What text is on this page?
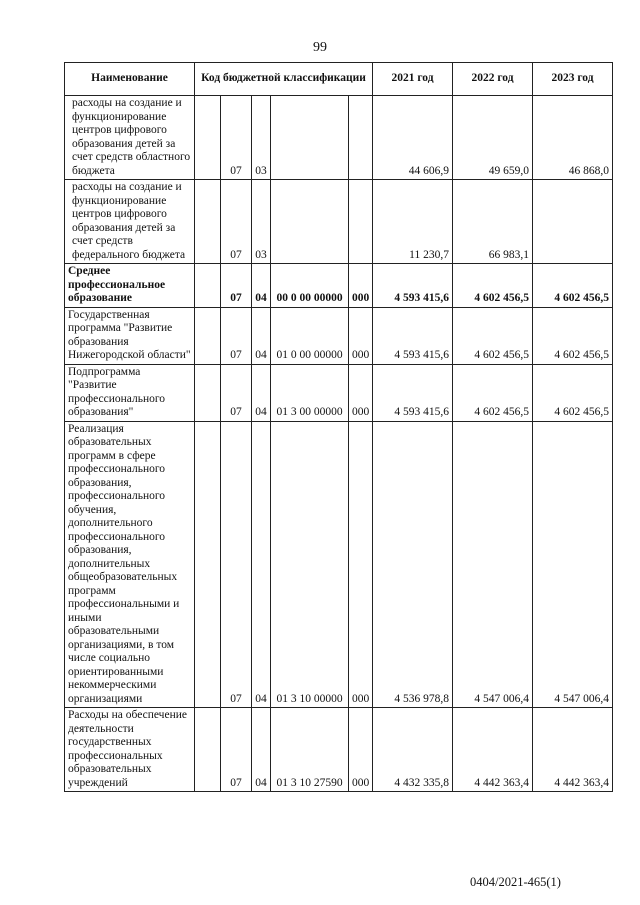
99
Наименование	Код бюджетной классификации					2021 год	2022 год	2023 год
расходы на создание и функционирование центров цифрового образования детей за счет средств областного бюджета		07	03			44 606,9	49 659,0	46 868,0
расходы на создание и функционирование центров цифрового образования детей за счет средств федерального бюджета		07	03			11 230,7	66 983,1	
Среднее профессиональное образование		07	04	00 0 00 00000	000	4 593 415,6	4 602 456,5	4 602 456,5
Государственная программа "Развитие образования Нижегородской области"		07	04	01 0 00 00000	000	4 593 415,6	4 602 456,5	4 602 456,5
Подпрограмма "Развитие профессионального образования"		07	04	01 3 00 00000	000	4 593 415,6	4 602 456,5	4 602 456,5
Реализация образовательных программ в сфере профессионального образования, профессионального обучения, дополнительного профессионального образования, дополнительных общеобразовательных программ профессиональными и иными образовательными организациями, в том числе социально ориентированными некоммерческими организациями		07	04	01 3 10 00000	000	4 536 978,8	4 547 006,4	4 547 006,4
Расходы на обеспечение деятельности государственных профессиональных образовательных учреждений		07	04	01 3 10 27590	000	4 432 335,8	4 442 363,4	4 442 363,4
0404/2021-465(1)
